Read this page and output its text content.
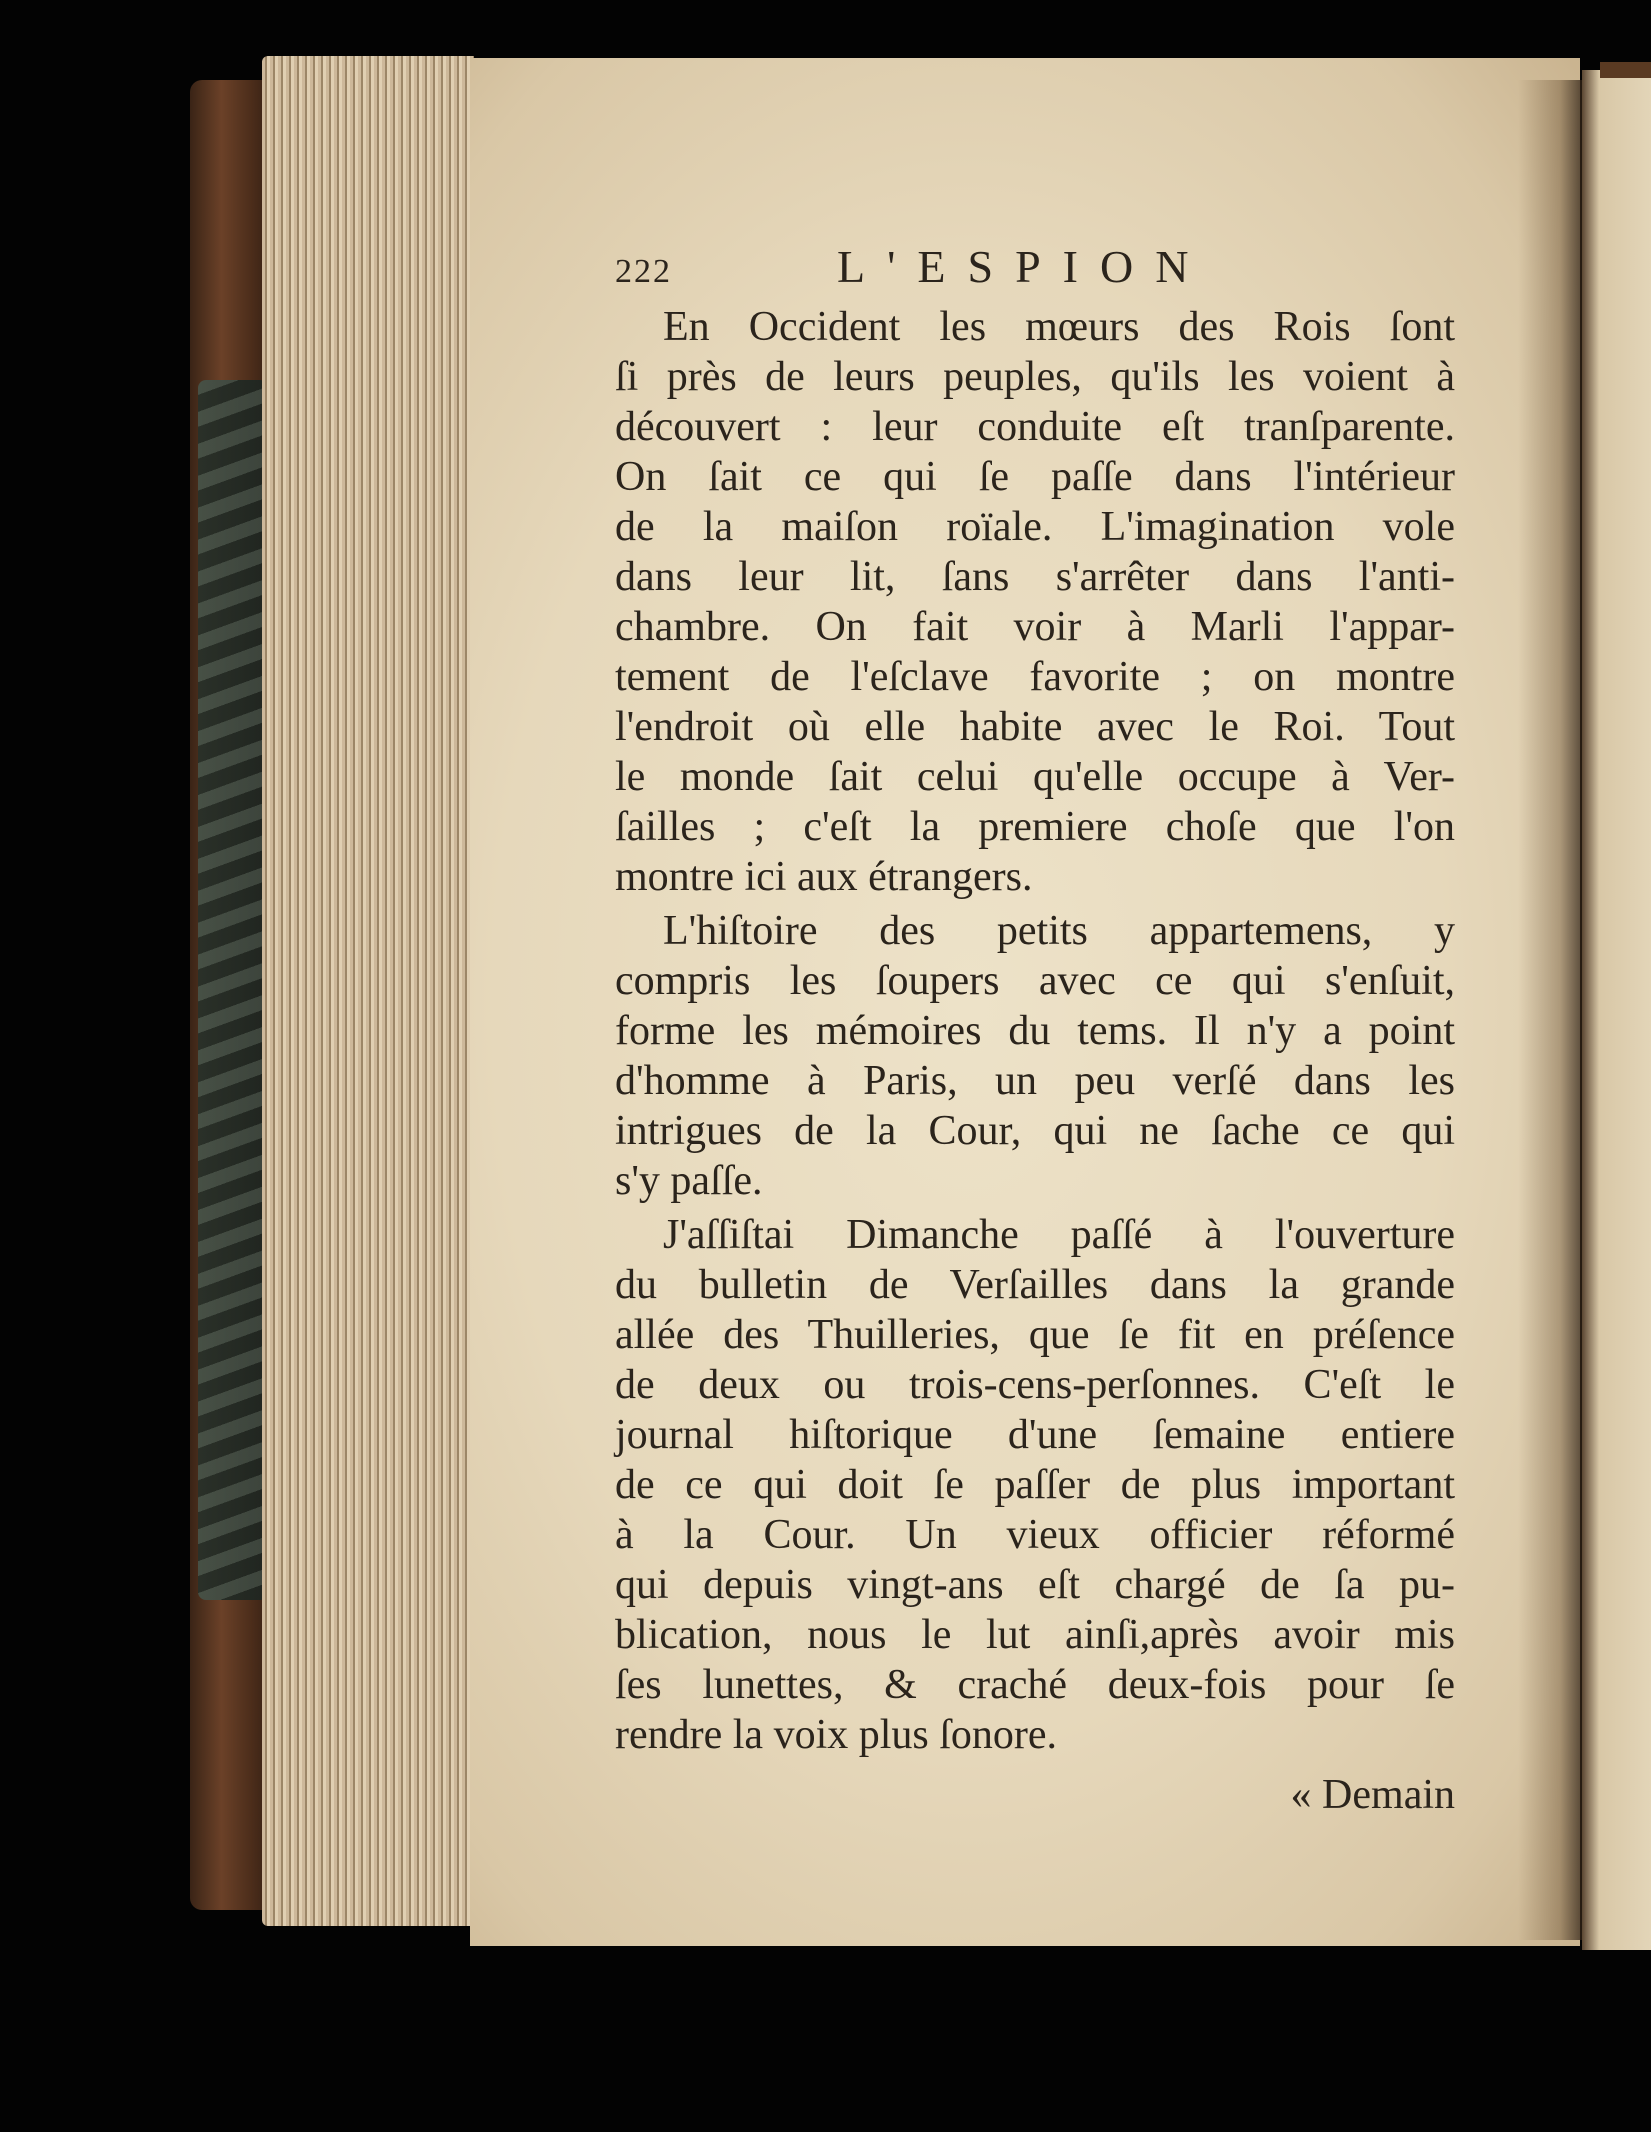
222	L'ESPION

En Occident les mœurs des Rois ſont
ſi près de leurs peuples, qu'ils les voient à
découvert : leur conduite eſt tranſparente.
On ſait ce qui ſe paſſe dans l'intérieur
de la maiſon roïale. L'imagination vole
dans leur lit, ſans s'arrêter dans l'anti-
chambre. On fait voir à Marli l'appar-
tement de l'eſclave favorite ; on montre
l'endroit où elle habite avec le Roi. Tout
le monde ſait celui qu'elle occupe à Ver-
ſailles ; c'eſt la premiere choſe que l'on
montre ici aux étrangers.

L'hiſtoire des petits appartemens, y
compris les ſoupers avec ce qui s'enſuit,
forme les mémoires du tems. Il n'y a point
d'homme à Paris, un peu verſé dans les
intrigues de la Cour, qui ne ſache ce qui
s'y paſſe.

J'aſſiſtai Dimanche paſſé à l'ouverture
du bulletin de Verſailles dans la grande
allée des Thuilleries, que ſe fit en préſence
de deux ou trois-cens-perſonnes. C'eſt le
journal hiſtorique d'une ſemaine entiere
de ce qui doit ſe paſſer de plus important
à la Cour. Un vieux officier réformé
qui depuis vingt-ans eſt chargé de ſa pu-
blication, nous le lut ainſi,après avoir mis
ſes lunettes, & craché deux-fois pour ſe
rendre la voix plus ſonore.

« Demain
